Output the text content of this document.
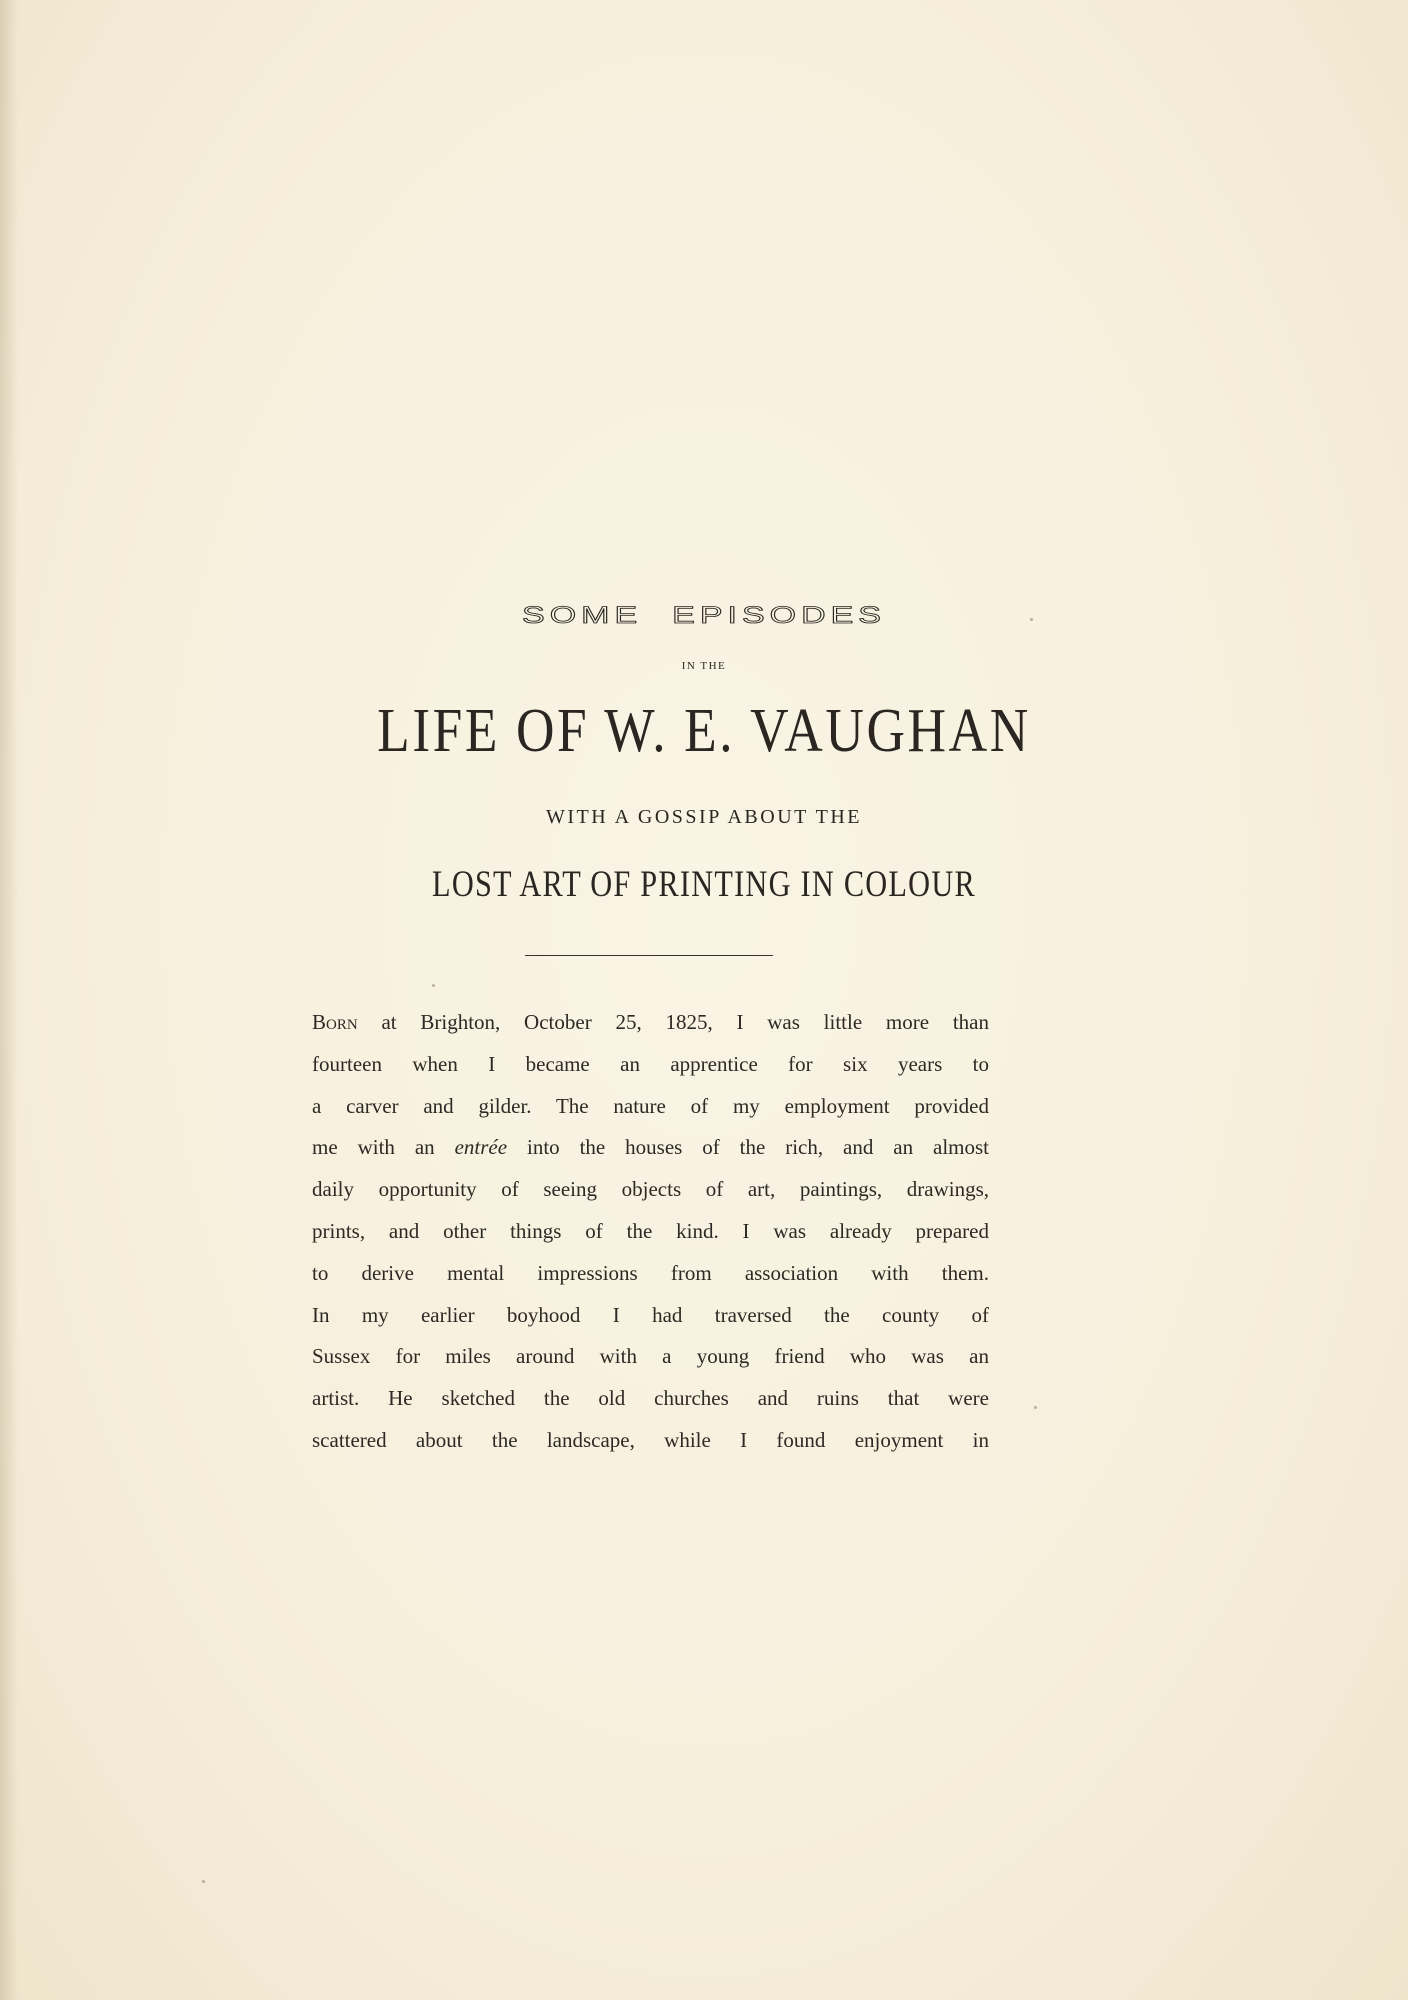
SOME EPISODES
IN THE
LIFE OF W. E. VAUGHAN
WITH A GOSSIP ABOUT THE
LOST ART OF PRINTING IN COLOUR
Born at Brighton, October 25, 1825, I was little more than
fourteen when I became an apprentice for six years to
a carver and gilder. The nature of my employment provided
me with an entrée into the houses of the rich, and an almost
daily opportunity of seeing objects of art, paintings, drawings,
prints, and other things of the kind. I was already prepared
to derive mental impressions from association with them.
In my earlier boyhood I had traversed the county of
Sussex for miles around with a young friend who was an
artist. He sketched the old churches and ruins that were
scattered about the landscape, while I found enjoyment in
